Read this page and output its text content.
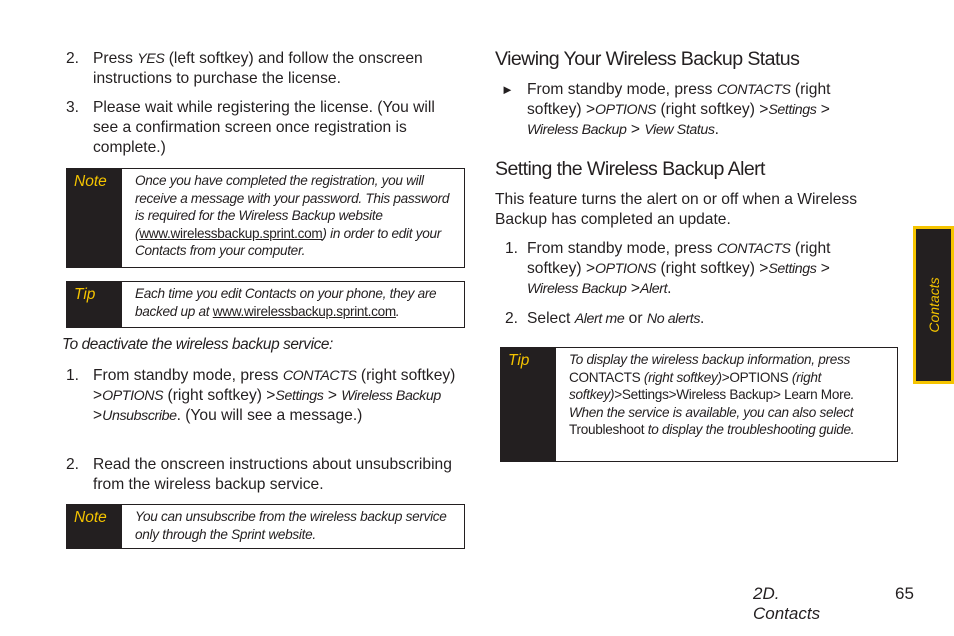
2. Press YES (left softkey) and follow the onscreen instructions to purchase the license.
3. Please wait while registering the license. (You will see a confirmation screen once registration is complete.)
Note	Once you have completed the registration, you will receive a message with your password. This password is required for the Wireless Backup website (www.wirelessbackup.sprint.com) in order to edit your Contacts from your computer.
Tip	Each time you edit Contacts on your phone, they are backed up at www.wirelessbackup.sprint.com.
To deactivate the wireless backup service:
1. From standby mode, press CONTACTS (right softkey) >OPTIONS (right softkey) >Settings > Wireless Backup >Unsubscribe. (You will see a message.)
2. Read the onscreen instructions about unsubscribing from the wireless backup service.
Note	You can unsubscribe from the wireless backup service only through the Sprint website.
Viewing Your Wireless Backup Status
► From standby mode, press CONTACTS (right softkey) >OPTIONS (right softkey) >Settings > Wireless Backup > View Status.
Setting the Wireless Backup Alert
This feature turns the alert on or off when a Wireless Backup has completed an update.
1. From standby mode, press CONTACTS (right softkey) >OPTIONS (right softkey) >Settings > Wireless Backup >Alert.
2. Select Alert me or No alerts.
Tip	To display the wireless backup information, press CONTACTS (right softkey)>OPTIONS (right softkey)>Settings>Wireless Backup> Learn More. When the service is available, you can also select Troubleshoot to display the troubleshooting guide.
Contacts
2D. Contacts
65
